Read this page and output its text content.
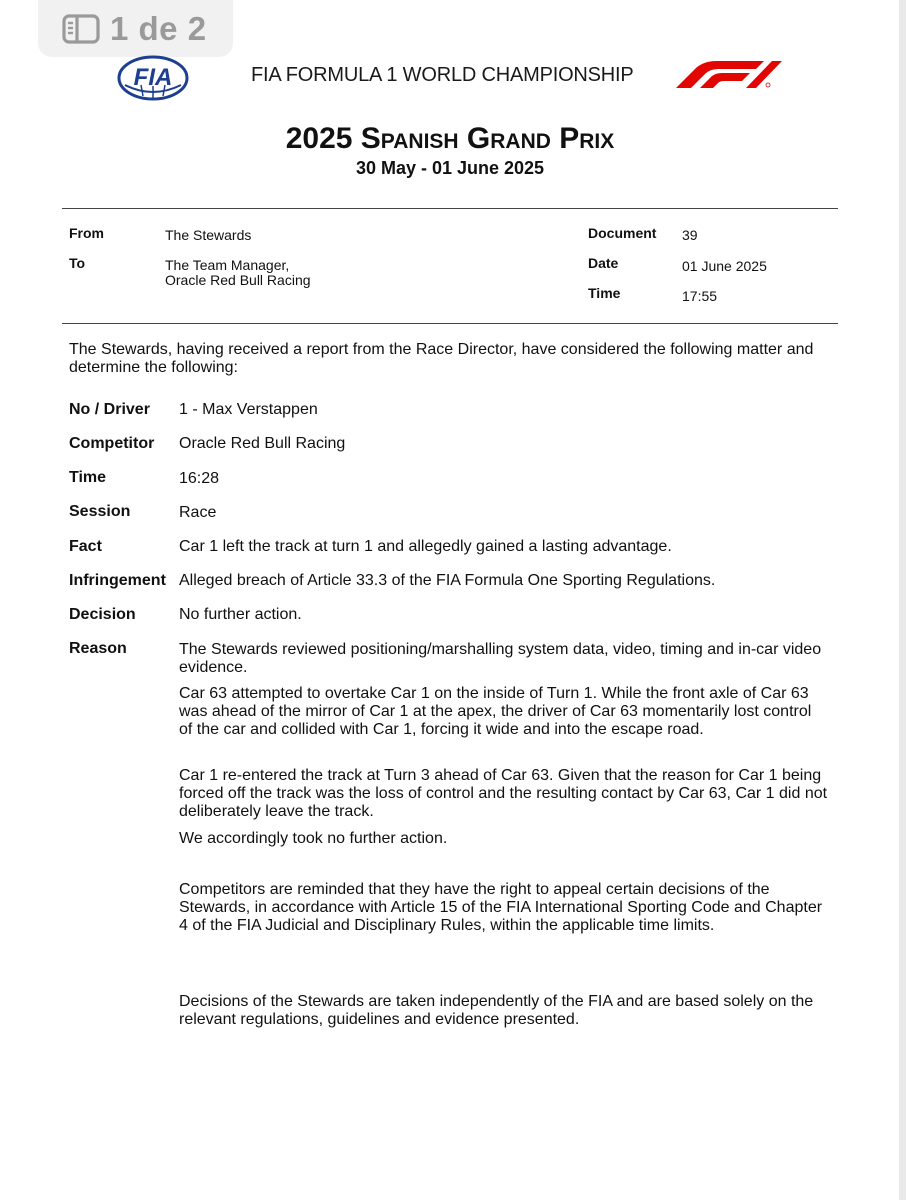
1 de 2
FIA	FIA FORMULA 1 WORLD CHAMPIONSHIP
2025 Spanish Grand Prix
30 May - 01 June 2025
From	The Stewards
To	The Team Manager,
Oracle Red Bull Racing
Document 39
Date	01 June 2025
Time	17:55
The Stewards, having received a report from the Race Director, have considered the following matter and determine the following:
No / Driver 1 - Max Verstappen
Competitor Oracle Red Bull Racing
Time	16:28
Session	Race
Fact	Car 1 left the track at turn 1 and allegedly gained a lasting advantage.
Infringement Alleged breach of Article 33.3 of the FIA Formula One Sporting Regulations.
Decision	No further action.
Reason	The Stewards reviewed positioning/marshalling system data, video, timing and in-car video evidence.
Car 63 attempted to overtake Car 1 on the inside of Turn 1. While the front axle of Car 63 was ahead of the mirror of Car 1 at the apex, the driver of Car 63 momentarily lost control of the car and collided with Car 1, forcing it wide and into the escape road.
Car 1 re-entered the track at Turn 3 ahead of Car 63. Given that the reason for Car 1 being forced off the track was the loss of control and the resulting contact by Car 63, Car 1 did not deliberately leave the track.
We accordingly took no further action.
Competitors are reminded that they have the right to appeal certain decisions of the Stewards, in accordance with Article 15 of the FIA International Sporting Code and Chapter 4 of the FIA Judicial and Disciplinary Rules, within the applicable time limits.
Decisions of the Stewards are taken independently of the FIA and are based solely on the relevant regulations, guidelines and evidence presented.
